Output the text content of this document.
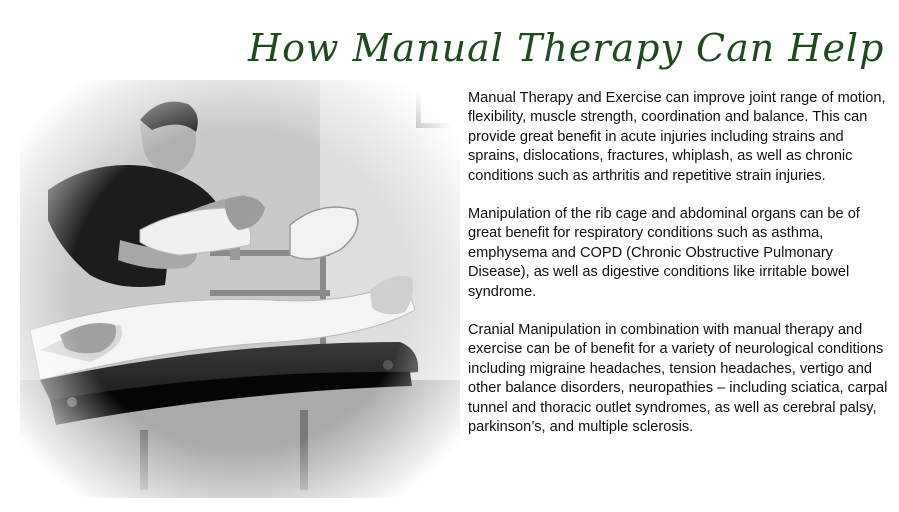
How Manual Therapy Can Help

Manual Therapy and Exercise can improve joint range of motion, flexibility, muscle strength, coordination and balance. This can provide great benefit in acute injuries including strains and sprains, dislocations, fractures, whiplash, as well as chronic conditions such as arthritis and repetitive strain injuries.

Manipulation of the rib cage and abdominal organs can be of great benefit for respiratory conditions such as asthma, emphysema and COPD (Chronic Obstructive Pulmonary Disease), as well as digestive conditions like irritable bowel syndrome.

Cranial Manipulation in combination with manual therapy and exercise can be of benefit for a variety of neurological conditions including migraine headaches, tension headaches, vertigo and other balance disorders, neuropathies – including sciatica, carpal tunnel and thoracic outlet syndromes, as well as cerebral palsy, parkinson’s, and multiple sclerosis.
